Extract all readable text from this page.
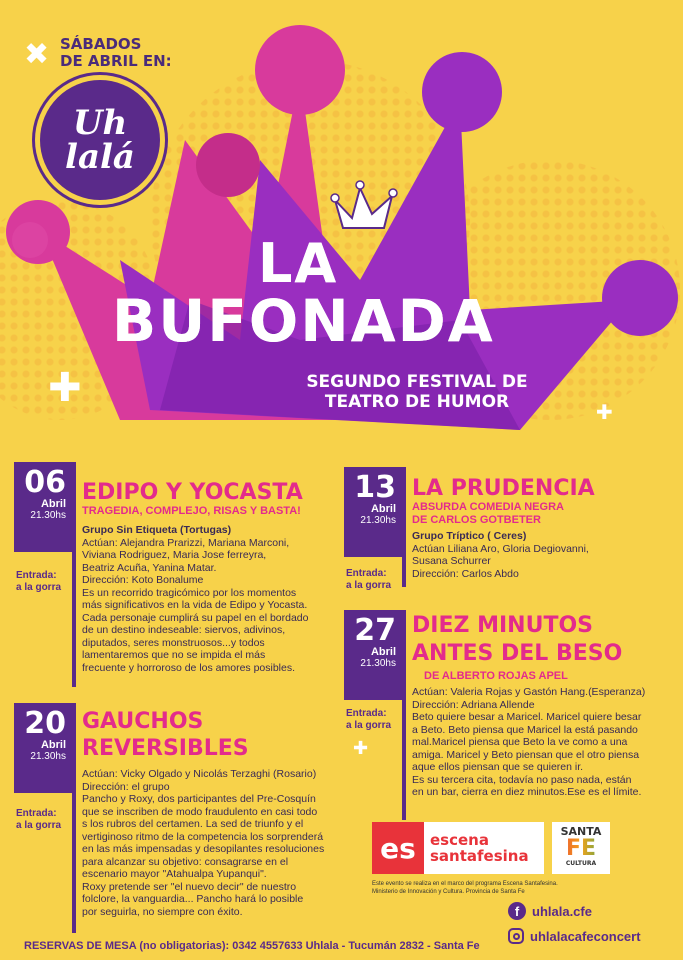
✖
✚
✚
✚
SÁBADOS
DE ABRIL EN:
Uh
lalá
LA
BUFONADA
SEGUNDO FESTIVAL DE
TEATRO DE HUMOR
06
Abril
21.30hs
EDIPO Y YOCASTA
TRAGEDIA, COMPLEJO, RISAS Y BASTA!
Grupo Sin Etiqueta (Tortugas)
Actúan: Alejandra Prarizzi, Mariana Marconi,
Viviana Rodriguez, Maria Jose ferreyra,
Beatriz Acuña, Yanina Matar.
Dirección: Koto Bonalume
Es un recorrido tragicómico por los momentos
más significativos en la vida de Edipo y Yocasta.
Cada personaje cumplirá su papel en el bordado
de un destino indeseable: siervos, adivinos,
diputados, seres monstruosos...y todos
lamentaremos que no se impida el más
frecuente y horroroso de los amores posibles.
Entrada:
a la gorra
13
Abril
21.30hs
LA PRUDENCIA
ABSURDA COMEDIA NEGRA
DE CARLOS GOTBETER
Grupo Tríptico ( Ceres)
Actúan Liliana Aro, Gloria Degiovanni,
Susana Schurrer
Dirección: Carlos Abdo
Entrada:
a la gorra
27
Abril
21.30hs
DIEZ MINUTOS
ANTES DEL BESO
DE ALBERTO ROJAS APEL
Actúan: Valeria Rojas y Gastón Hang.(Esperanza)
Dirección: Adriana Allende
Beto quiere besar a Maricel. Maricel quiere besar
a Beto. Beto piensa que Maricel la está pasando
mal.Maricel piensa que Beto la ve como a una
amiga. Maricel y Beto piensan que el otro piensa
aque ellos piensan que se quieren ir.
Es su tercera cita, todavía no paso nada, están
en un bar, cierra en diez minutos.Ese es el límite.
Entrada:
a la gorra
20
Abril
21.30hs
GAUCHOS
REVERSIBLES
Actúan: Vicky Olgado y Nicolás Terzaghi (Rosario)
Dirección: el grupo
Pancho y Roxy, dos participantes del Pre-Cosquín
que se inscriben de modo fraudulento en casi todo
s los rubros del certamen. La sed de triunfo y el
vertiginoso ritmo de la competencia los sorprenderá
en las más impensadas y desopilantes resoluciones
para alcanzar su objetivo: consagrarse en el
escenario mayor "Atahualpa Yupanqui".
Roxy pretende ser "el nuevo decir" de nuestro
folclore, la vanguardia... Pancho hará lo posible
por seguirla, no siempre con éxito.
Entrada:
a la gorra
es escena
santafesina
SANTA
FE
CULTURA
Este evento se realiza en el marco del programa Escena Santafesina.
Ministerio de Innovación y Cultura. Provincia de Santa Fe
f uhlala.cfe
uhlalacafeconcert
RESERVAS DE MESA (no obligatorias): 0342 4557633 Uhlala - Tucumán 2832 - Santa Fe
